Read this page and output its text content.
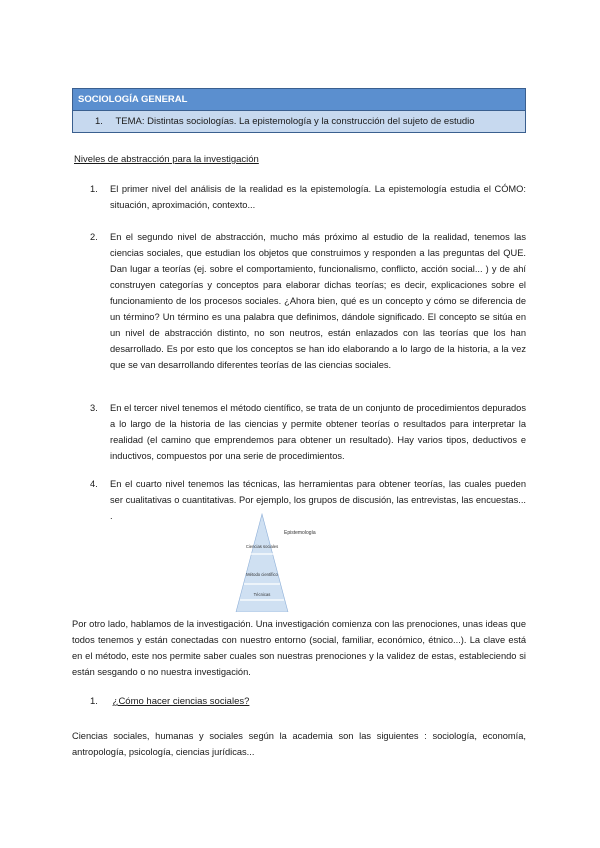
SOCIOLOGÍA GENERAL
1. TEMA: Distintas sociologías. La epistemología y la construcción del sujeto de estudio
Niveles de abstracción para la investigación
1. El primer nivel del análisis de la realidad es la epistemología. La epistemología estudia el CÓMO: situación, aproximación, contexto...
2. En el segundo nivel de abstracción, mucho más próximo al estudio de la realidad, tenemos las ciencias sociales, que estudian los objetos que construimos y responden a las preguntas del QUE. Dan lugar a teorías (ej. sobre el comportamiento, funcionalismo, conflicto, acción social... ) y de ahí construyen categorías y conceptos para elaborar dichas teorías; es decir, explicaciones sobre el funcionamiento de los procesos sociales. ¿Ahora bien, qué es un concepto y cómo se diferencia de un término? Un término es una palabra que definimos, dándole significado. El concepto se sitúa en un nivel de abstracción distinto, no son neutros, están enlazados con las teorías que los han desarrollado. Es por esto que los conceptos se han ido elaborando a lo largo de la historia, a la vez que se van desarrollando diferentes teorías de las ciencias sociales.
3. En el tercer nivel tenemos el método científico, se trata de un conjunto de procedimientos depurados a lo largo de la historia de las ciencias y permite obtener teorías o resultados para interpretar la realidad (el camino que emprendemos para obtener un resultado). Hay varios tipos, deductivos e inductivos, compuestos por una serie de procedimientos.
4. En el cuarto nivel tenemos las técnicas, las herramientas para obtener teorías, las cuales pueden ser cualitativas o cuantitativas. Por ejemplo, los grupos de discusión, las entrevistas, las encuestas... .
Epistemología
Ciencias sociales
Método científico
Técnicas
Por otro lado, hablamos de la investigación. Una investigación comienza con las prenociones, unas ideas que todos tenemos y están conectadas con nuestro entorno (social, familiar, económico, étnico...). La clave está en el método, este nos permite saber cuales son nuestras prenociones y la validez de estas, estableciendo si están sesgando o no nuestra investigación.
1. ¿Cómo hacer ciencias sociales?
Ciencias sociales, humanas y sociales según la academia son las siguientes : sociología, economía, antropología, psicología, ciencias jurídicas...
